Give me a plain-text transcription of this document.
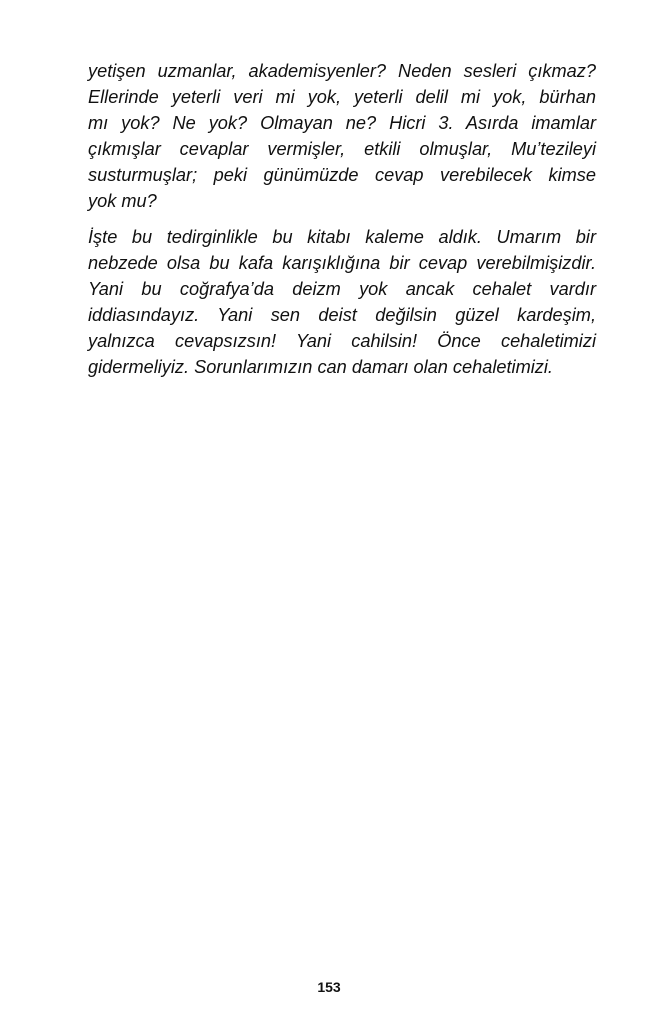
yetişen uzmanlar, akademisyenler? Neden sesleri çıkmaz?
Ellerinde yeterli veri mi yok, yeterli delil mi yok, bürhan
mı yok? Ne yok? Olmayan ne? Hicri 3. Asırda imamlar
çıkmışlar cevaplar vermişler, etkili olmuşlar, Mu’tezileyi
susturmuşlar; peki günümüzde cevap verebilecek kimse
yok mu?
İşte bu tedirginlikle bu kitabı kaleme aldık. Umarım bir
nebzede olsa bu kafa karışıklığına bir cevap verebilmişizdir.
Yani bu coğrafya’da deizm yok ancak cehalet vardır
iddiasındayız. Yani sen deist değilsin güzel kardeşim,
yalnızca cevapsızsın! Yani cahilsin! Önce cehaletimizi
gidermeliyiz. Sorunlarımızın can damarı olan cehaletimizi.
153
